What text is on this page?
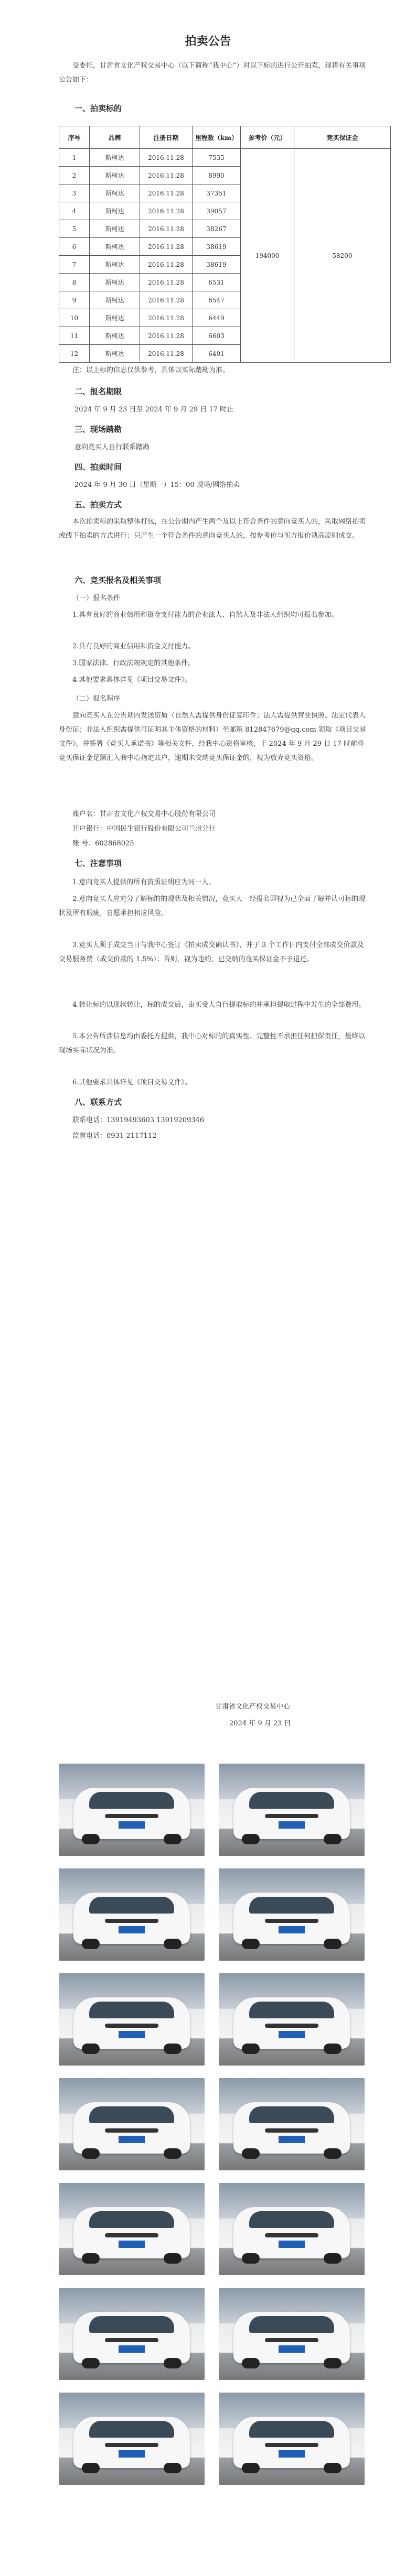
拍卖公告

受委托，甘肃省文化产权交易中心（以下简称“我中心”）对以下标的进行公开拍卖，现将有关事项公告如下：

一、拍卖标的

序号	品牌	注册日期	里程数（km）	参考价（元）	竞买保证金
1	斯柯达	2016.11.28	7535	194000	58200
2	斯柯达	2016.11.28	8990		
3	斯柯达	2016.11.28	37351		
4	斯柯达	2016.11.28	39057		
5	斯柯达	2016.11.28	38267		
6	斯柯达	2016.11.28	38619		
7	斯柯达	2016.11.28	38619		
8	斯柯达	2016.11.28	6531		
9	斯柯达	2016.11.28	6547		
10	斯柯达	2016.11.28	6449		
11	斯柯达	2016.11.28	6603		
12	斯柯达	2016.11.28	6401		

注：以上标的信息仅供参考，具体以实际踏勘为准。

二、报名期限

2024 年 9 月 23 日至 2024 年 9 月 29 日 17 时止

三、现场踏勘

意向竞买人自行联系踏勘

四、拍卖时间

2024 年 9 月 30 日（星期一）15：00 现场/网络拍卖

五、拍卖方式

本次拍卖标的采取整体打包，在公告期内产生两个及以上符合条件的意向竞买人的，采取网络拍卖或线下拍卖的方式进行；只产生一个符合条件的意向竞买人的，按参考价与买方报价孰高原则成交。

六、竞买报名及相关事项

（一）报名条件

1.具有良好的商业信用和资金支付能力的企业法人、自然人及非法人组织均可报名参加。

2.具有良好的商业信用和资金支付能力。

3.国家法律、行政法规规定的其他条件。

4.其他要求具体详见《项目交易文件》。

（二）报名程序

意向竞买人在公告期内发送资质（自然人需提供身份证复印件；法人需提供营业执照、法定代表人身份证；非法人组织需提供可证明其主体资格的材料）至邮箱 812847679@qq.com 领取《项目交易文件》，并签署《竞买人承诺书》等相关文件，经我中心资格审核，于 2024 年 9 月 29 日 17 时前将竞买保证金足额汇入我中心指定账户，逾期未交纳竞买保证金的，视为放弃竞买资格。

账户名：甘肃省文化产权交易中心股份有限公司

开户银行：中国民生银行股份有限公司兰州分行

账 号：602868025

七、注意事项

1.意向竞买人提供的所有资质证明应为同一人。

2.意向竞买人应充分了解标的的现状及相关情况，竞买人一经报名即视为已全面了解并认可标的现状及所有瑕疵，自愿承担相应风险。

3.竞买人须于成交当日与我中心签订《拍卖成交确认书》，并于 3 个工作日内支付全部成交价款及交易服务费（成交价款的 1.5%）；否则，视为违约，已交纳的竞买保证金不予退还。

4.转让标的以现状转让，标的成交后，由买受人自行提取标的并承担提取过程中发生的全部费用。

5.本公告所涉信息均由委托方提供，我中心对标的的真实性、完整性不承担任何担保责任，最终以现场实际状况为准。

6.其他要求具体详见《项目交易文件》。

八、联系方式

联系电话：13919493603 13919209346

监督电话：0931-2117112

甘肃省文化产权交易中心

2024 年 9 月 23 日
